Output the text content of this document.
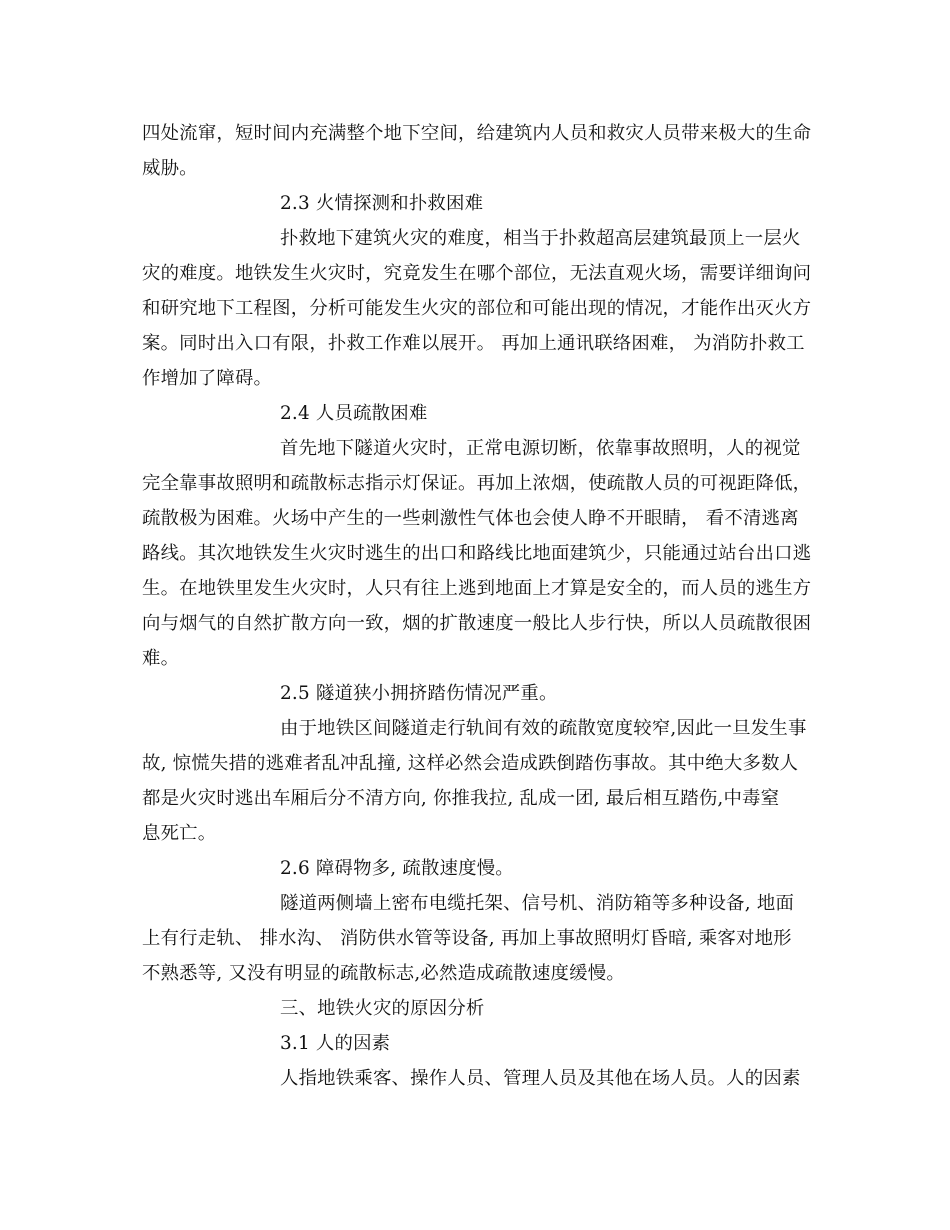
四处流窜，短时间内充满整个地下空间，给建筑内人员和救灾人员带来极大的生命
威胁。
2.3 火情探测和扑救困难
扑救地下建筑火灾的难度，相当于扑救超高层建筑最顶上一层火
灾的难度。地铁发生火灾时，究竟发生在哪个部位，无法直观火场，需要详细询问
和研究地下工程图，分析可能发生火灾的部位和可能出现的情况，才能作出灭火方
案。同时出入口有限，扑救工作难以展开。 再加上通讯联络困难， 为消防扑救工
作增加了障碍。
2.4 人员疏散困难
首先地下隧道火灾时，正常电源切断，依靠事故照明，人的视觉
完全靠事故照明和疏散标志指示灯保证。再加上浓烟，使疏散人员的可视距降低，
疏散极为困难。火场中产生的一些刺激性气体也会使人睁不开眼睛， 看不清逃离
路线。其次地铁发生火灾时逃生的出口和路线比地面建筑少，只能通过站台出口逃
生。在地铁里发生火灾时，人只有往上逃到地面上才算是安全的，而人员的逃生方
向与烟气的自然扩散方向一致，烟的扩散速度一般比人步行快，所以人员疏散很困
难。
2.5 隧道狭小拥挤踏伤情况严重。
由于地铁区间隧道走行轨间有效的疏散宽度较窄,因此一旦发生事
故, 惊慌失措的逃难者乱冲乱撞, 这样必然会造成跌倒踏伤事故。其中绝大多数人
都是火灾时逃出车厢后分不清方向, 你推我拉, 乱成一团, 最后相互踏伤,中毒窒
息死亡。
2.6 障碍物多, 疏散速度慢。
隧道两侧墙上密布电缆托架、信号机、消防箱等多种设备, 地面
上有行走轨、 排水沟、 消防供水管等设备, 再加上事故照明灯昏暗, 乘客对地形
不熟悉等, 又没有明显的疏散标志,必然造成疏散速度缓慢。
三、地铁火灾的原因分析
3.1 人的因素
人指地铁乘客、操作人员、管理人员及其他在场人员。人的因素
